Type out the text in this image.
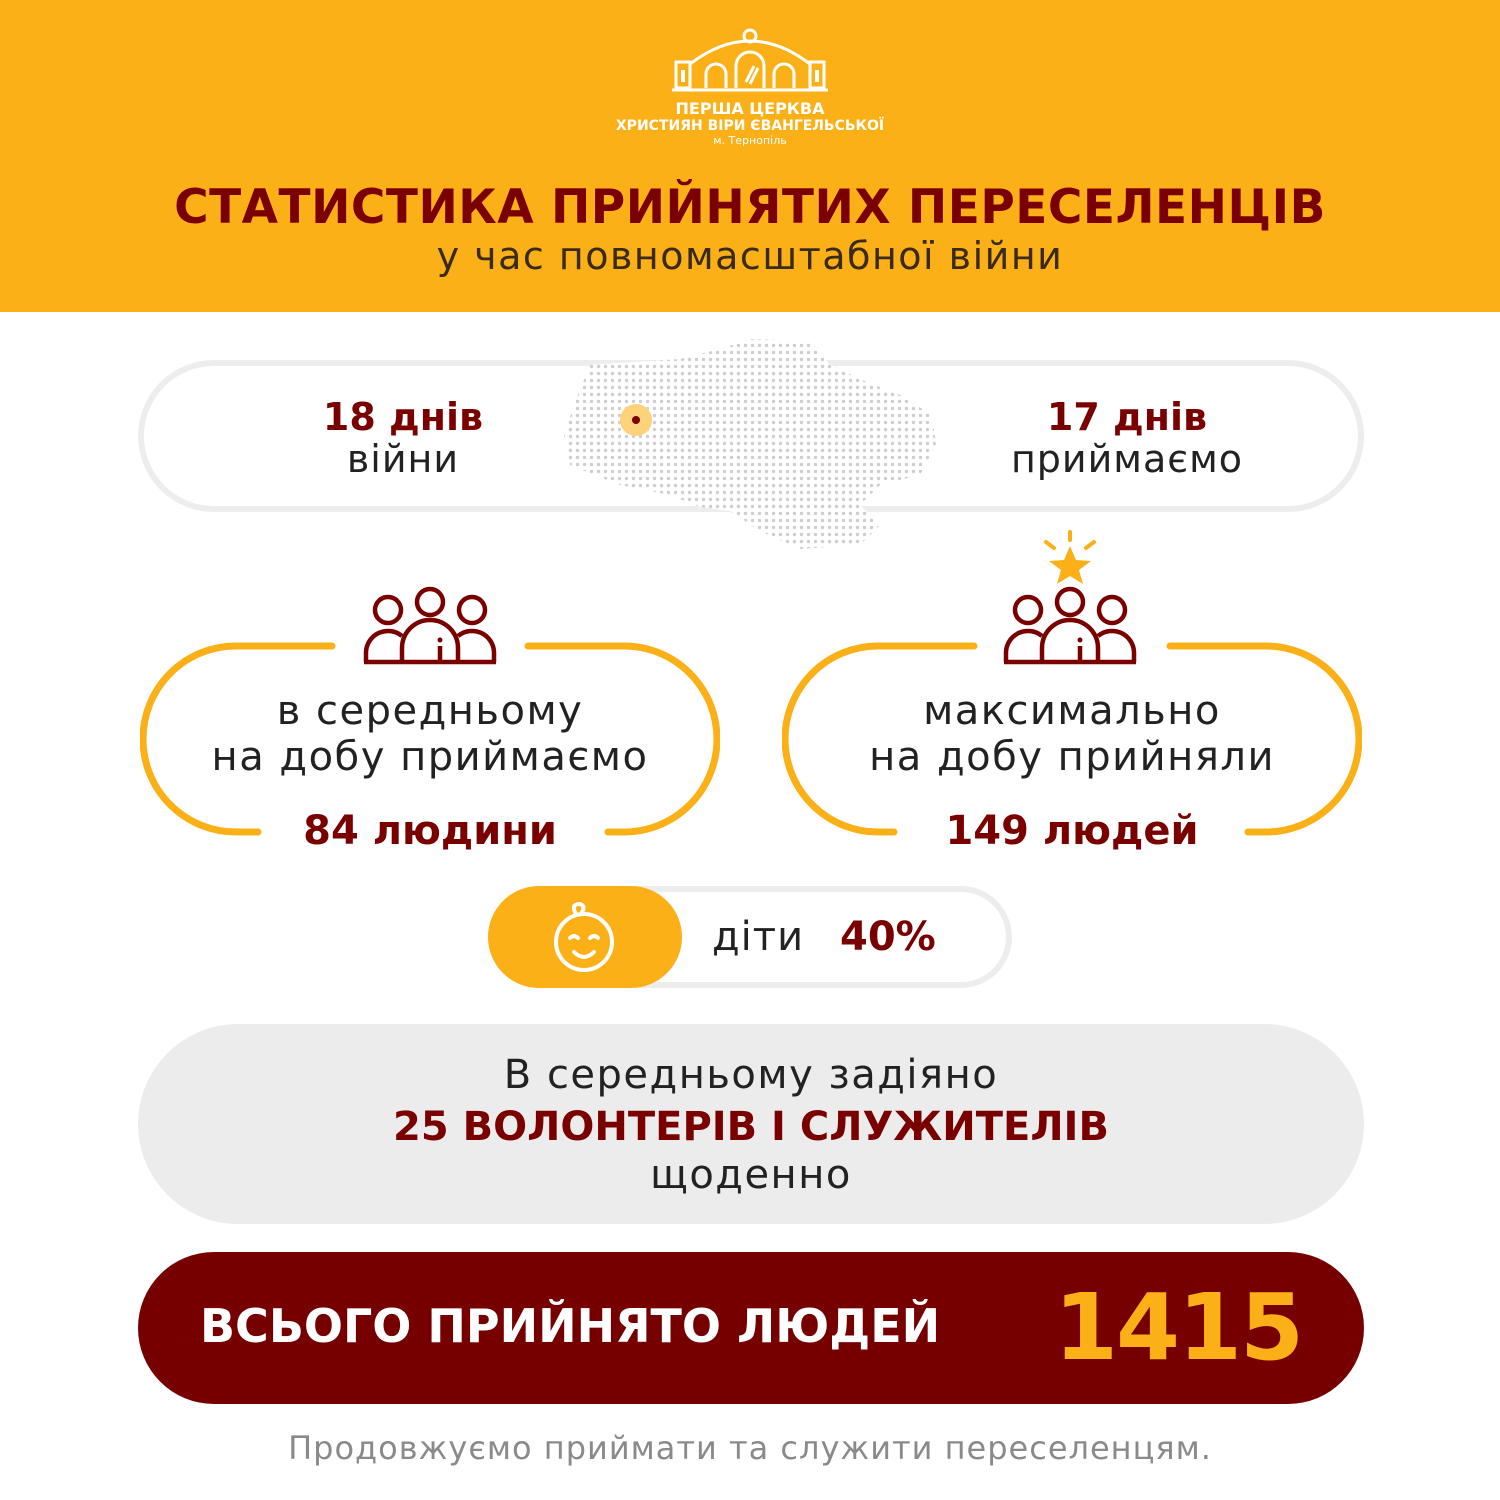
ПЕРША ЦЕРКВА
ХРИСТИЯН ВІРИ ЄВАНГЕЛЬСЬКОЇ
м. Тернопіль
СТАТИСТИКА ПРИЙНЯТИХ ПЕРЕСЕЛЕНЦІВ
у час повномасштабної війни
18 днів
війни
17 днів
приймаємо
в середньому
на добу приймаємо
84 людини
максимально
на добу прийняли
149 людей
діти 40%
В середньому задіяно
25 ВОЛОНТЕРІВ І СЛУЖИТЕЛІВ
щоденно
ВСЬОГО ПРИЙНЯТО ЛЮДЕЙ 1415
Продовжуємо приймати та служити переселенцям.
